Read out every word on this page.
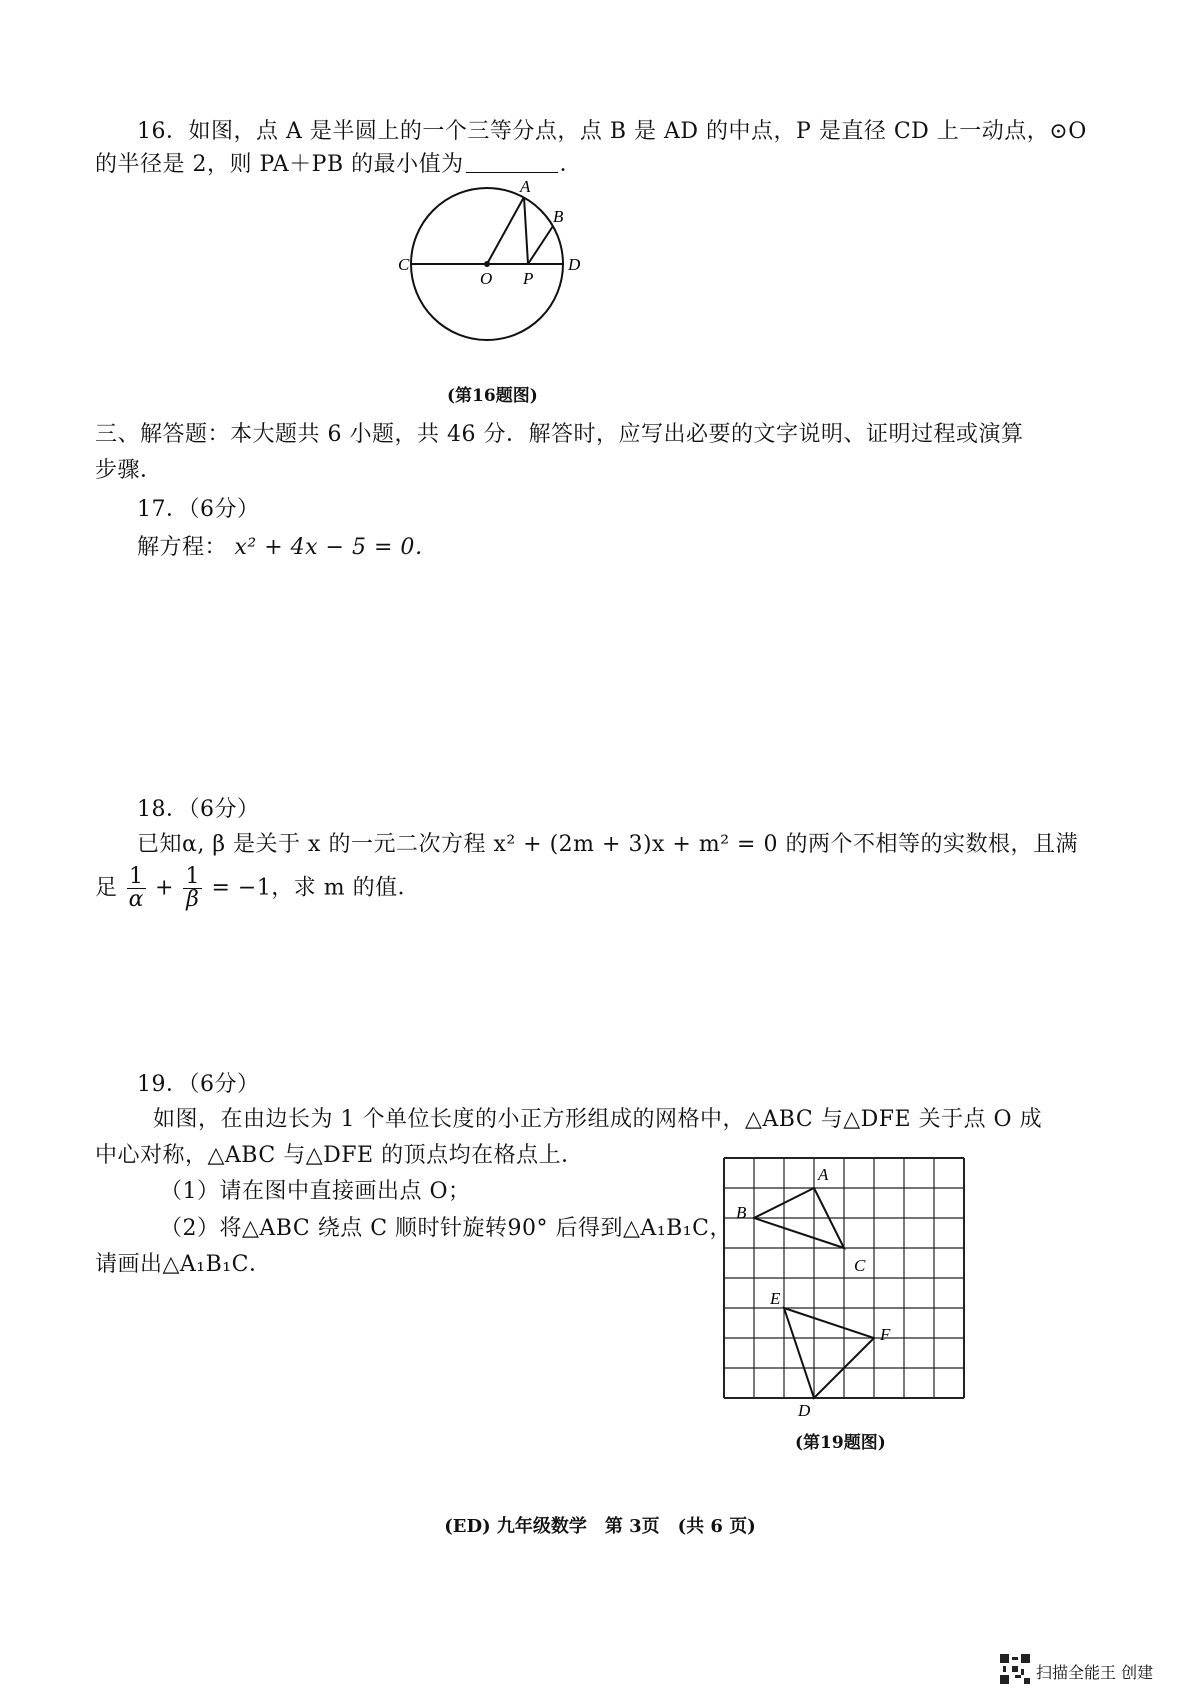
16．如图，点 A 是半圆上的一个三等分点，点 B 是 AD 的中点，P 是直径 CD 上一动点，⊙O
的半径是 2，则 PA＋PB 的最小值为	．
A
B
C	D
O P
(第16题图)
三、解答题：本大题共 6 小题，共 46 分．解答时，应写出必要的文字说明、证明过程或演算
步骤．
17．（6分）
解方程： x² + 4x − 5 = 0．
18．（6分）
已知α, β 是关于 x 的一元二次方程 x² + (2m + 3)x + m² = 0 的两个不相等的实数根，且满
足 $\frac{1}{\alpha} + \frac{1}{\beta} = -1$，求 m 的值．
19．（6分）
如图，在由边长为 1 个单位长度的小正方形组成的网格中，△ABC 与△DFE 关于点 O 成
中心对称，△ABC 与△DFE 的顶点均在格点上．
（1）请在图中直接画出点 O；
（2）将△ABC 绕点 C 顺时针旋转90° 后得到△A₁B₁C，
请画出△A₁B₁C．
A
B
C
E
F
D
(第19题图)
(ED) 九年级数学　第 3页　(共 6 页)
扫描全能王 创建
